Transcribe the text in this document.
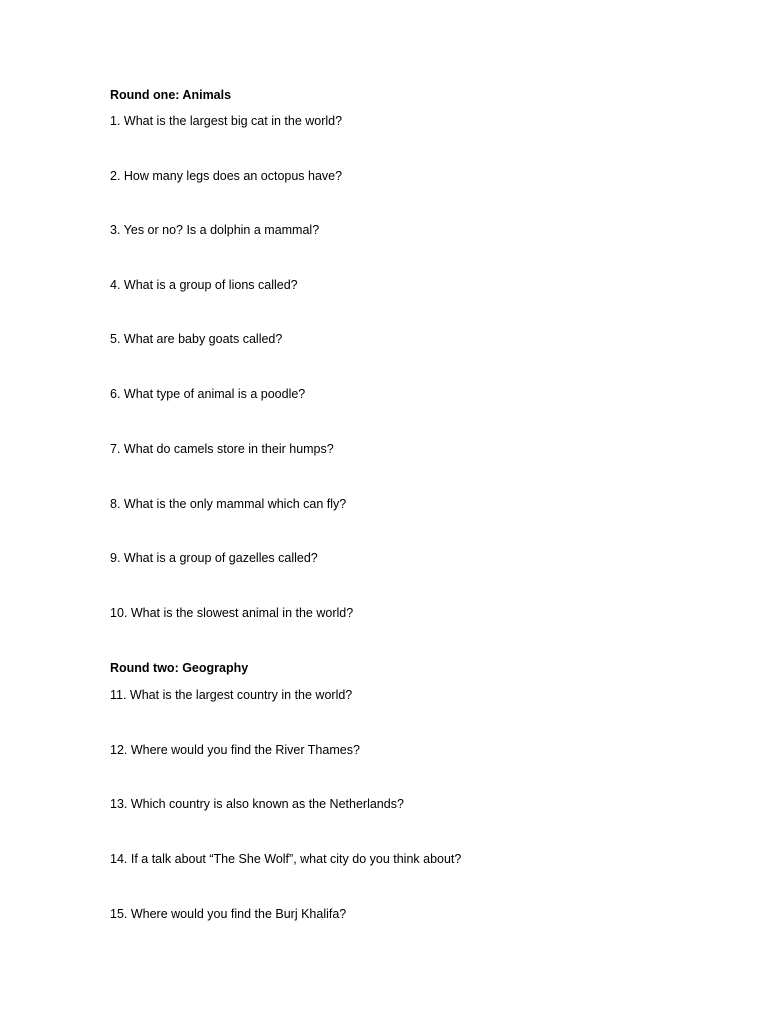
Round one: Animals

1. What is the largest big cat in the world?

2. How many legs does an octopus have?

3. Yes or no? Is a dolphin a mammal?

4. What is a group of lions called?

5. What are baby goats called?

6. What type of animal is a poodle?

7. What do camels store in their humps?

8. What is the only mammal which can fly?

9. What is a group of gazelles called?

10. What is the slowest animal in the world?

Round two: Geography

11. What is the largest country in the world?

12. Where would you find the River Thames?

13. Which country is also known as the Netherlands?

14. If a talk about “The She Wolf”, what city do you think about?

15. Where would you find the Burj Khalifa?
